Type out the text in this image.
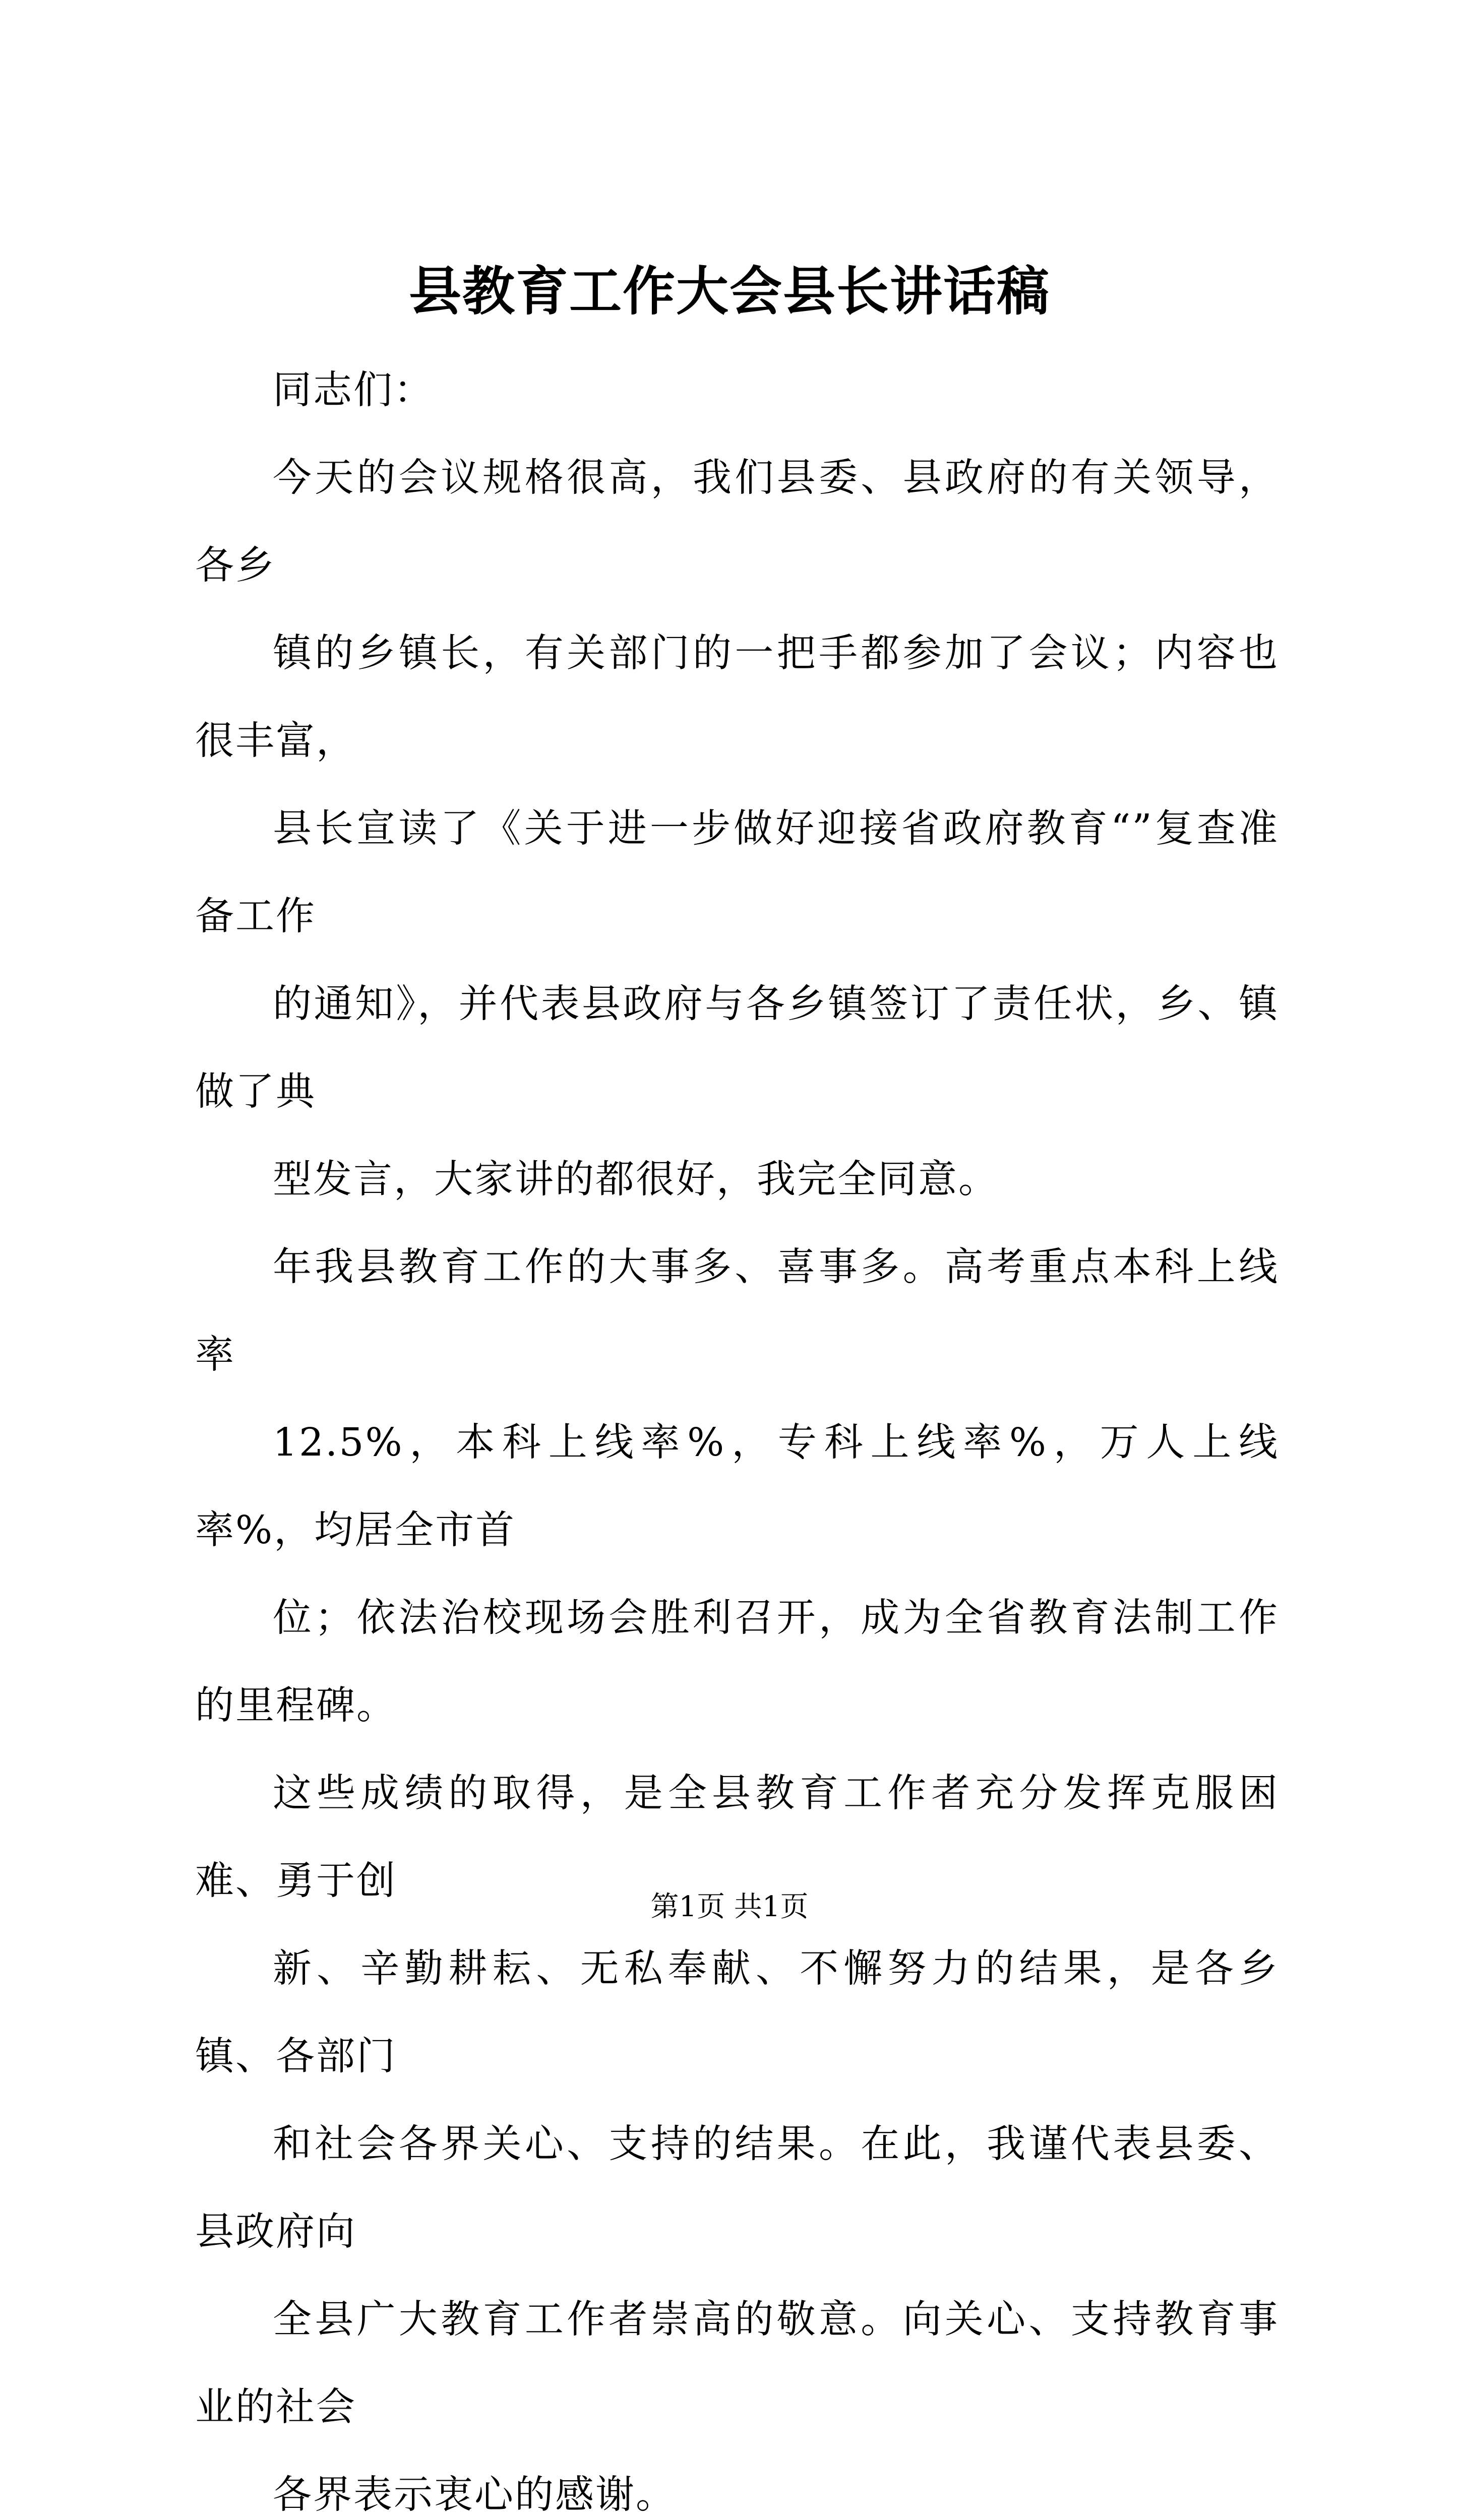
县教育工作大会县长讲话稿

同志们：

今天的会议规格很高，我们县委、县政府的有关领导，各乡
镇的乡镇长，有关部门的一把手都参加了会议；内容也很丰富，
县长宣读了《关于进一步做好迎接省政府教育“”复查准备工作
的通知》，并代表县政府与各乡镇签订了责任状，乡、镇做了典
型发言，大家讲的都很好，我完全同意。

年我县教育工作的大事多、喜事多。高考重点本科上线率
12.5%，本科上线率%，专科上线率%，万人上线率%，均居全市首
位；依法治校现场会胜利召开，成为全省教育法制工作的里程碑。
这些成绩的取得，是全县教育工作者充分发挥克服困难、勇于创
新、辛勤耕耘、无私奉献、不懈努力的结果，是各乡镇、各部门
和社会各界关心、支持的结果。在此，我谨代表县委、县政府向
全县广大教育工作者崇高的敬意。向关心、支持教育事业的社会
各界表示衷心的感谢。

第1页 共1页
